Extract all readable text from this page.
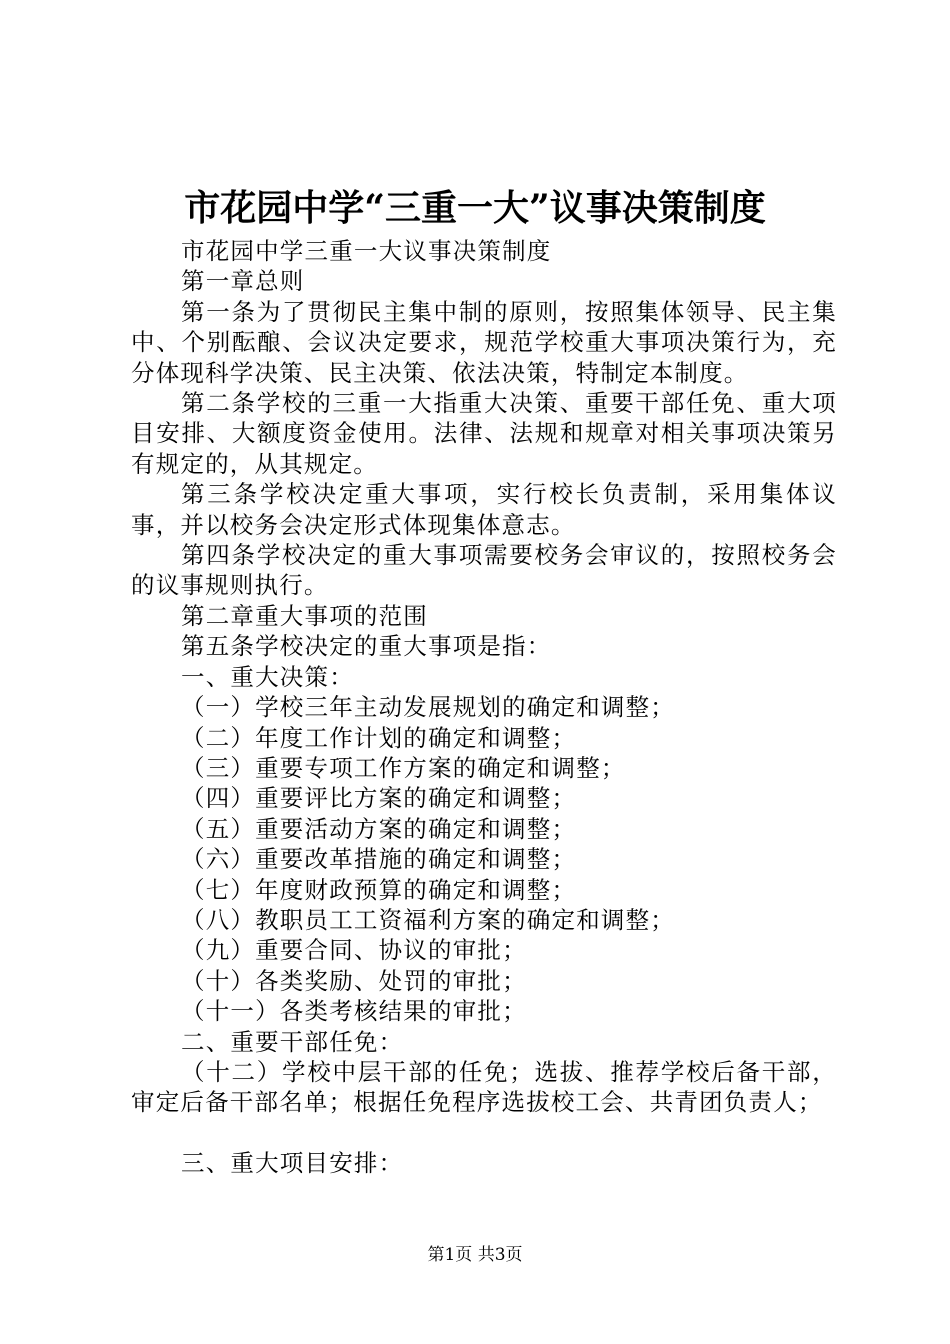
市花园中学“三重一大”议事决策制度

市花园中学三重一大议事决策制度

第一章总则

第一条为了贯彻民主集中制的原则，按照集体领导、民主集中、个别酝酿、会议决定要求，规范学校重大事项决策行为，充分体现科学决策、民主决策、依法决策，特制定本制度。

第二条学校的三重一大指重大决策、重要干部任免、重大项目安排、大额度资金使用。法律、法规和规章对相关事项决策另有规定的，从其规定。

第三条学校决定重大事项，实行校长负责制，采用集体议事，并以校务会决定形式体现集体意志。

第四条学校决定的重大事项需要校务会审议的，按照校务会的议事规则执行。

第二章重大事项的范围

第五条学校决定的重大事项是指：

一、重大决策：

（一）学校三年主动发展规划的确定和调整；

（二）年度工作计划的确定和调整；

（三）重要专项工作方案的确定和调整；

（四）重要评比方案的确定和调整；

（五）重要活动方案的确定和调整；

（六）重要改革措施的确定和调整；

（七）年度财政预算的确定和调整；

（八）教职员工工资福利方案的确定和调整；

（九）重要合同、协议的审批；

（十）各类奖励、处罚的审批；

（十一）各类考核结果的审批；

二、重要干部任免：

（十二）学校中层干部的任免；选拔、推荐学校后备干部，审定后备干部名单；根据任免程序选拔校工会、共青团负责人；

三、重大项目安排：

第1页 共3页
